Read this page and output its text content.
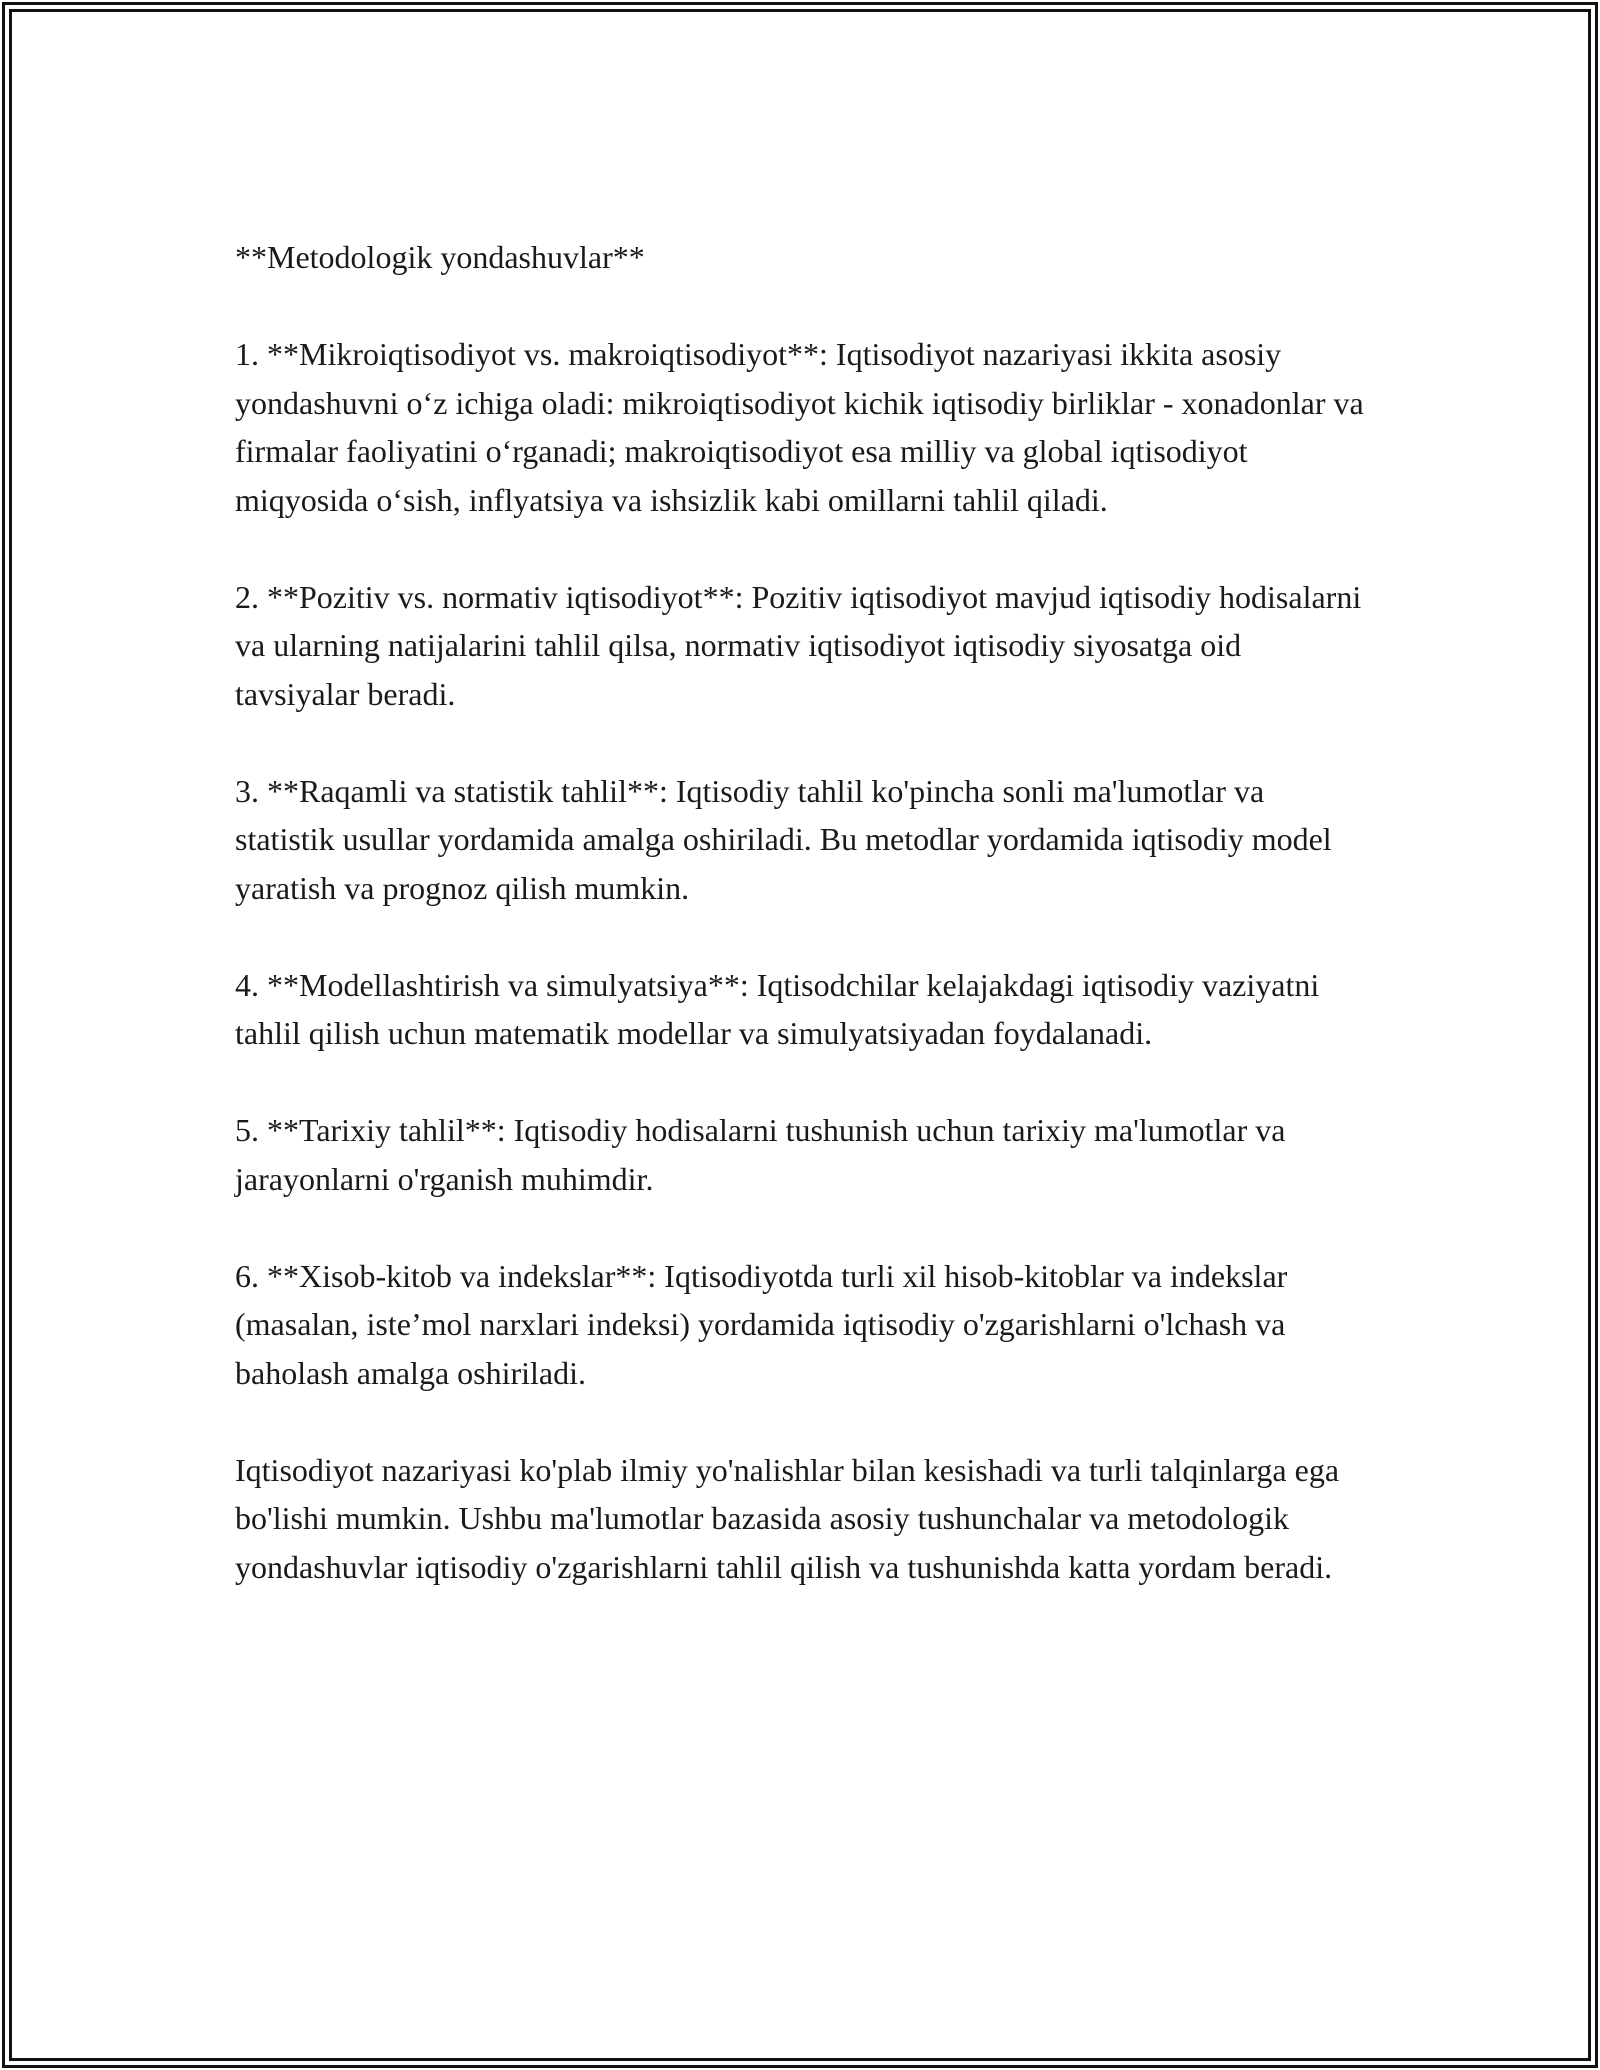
**Metodologik yondashuvlar**

1. **Mikroiqtisodiyot vs. makroiqtisodiyot**: Iqtisodiyot nazariyasi ikkita asosiy yondashuvni o‘z ichiga oladi: mikroiqtisodiyot kichik iqtisodiy birliklar - xonadonlar va firmalar faoliyatini o‘rganadi; makroiqtisodiyot esa milliy va global iqtisodiyot miqyosida o‘sish, inflyatsiya va ishsizlik kabi omillarni tahlil qiladi.

2. **Pozitiv vs. normativ iqtisodiyot**: Pozitiv iqtisodiyot mavjud iqtisodiy hodisalarni va ularning natijalarini tahlil qilsa, normativ iqtisodiyot iqtisodiy siyosatga oid tavsiyalar beradi.

3. **Raqamli va statistik tahlil**: Iqtisodiy tahlil ko'pincha sonli ma'lumotlar va statistik usullar yordamida amalga oshiriladi. Bu metodlar yordamida iqtisodiy model yaratish va prognoz qilish mumkin.

4. **Modellashtirish va simulyatsiya**: Iqtisodchilar kelajakdagi iqtisodiy vaziyatni tahlil qilish uchun matematik modellar va simulyatsiyadan foydalanadi.

5. **Tarixiy tahlil**: Iqtisodiy hodisalarni tushunish uchun tarixiy ma'lumotlar va jarayonlarni o'rganish muhimdir.

6. **Xisob-kitob va indekslar**: Iqtisodiyotda turli xil hisob-kitoblar va indekslar (masalan, iste’mol narxlari indeksi) yordamida iqtisodiy o'zgarishlarni o'lchash va baholash amalga oshiriladi.

Iqtisodiyot nazariyasi ko'plab ilmiy yo'nalishlar bilan kesishadi va turli talqinlarga ega bo'lishi mumkin. Ushbu ma'lumotlar bazasida asosiy tushunchalar va metodologik yondashuvlar iqtisodiy o'zgarishlarni tahlil qilish va tushunishda katta yordam beradi.
